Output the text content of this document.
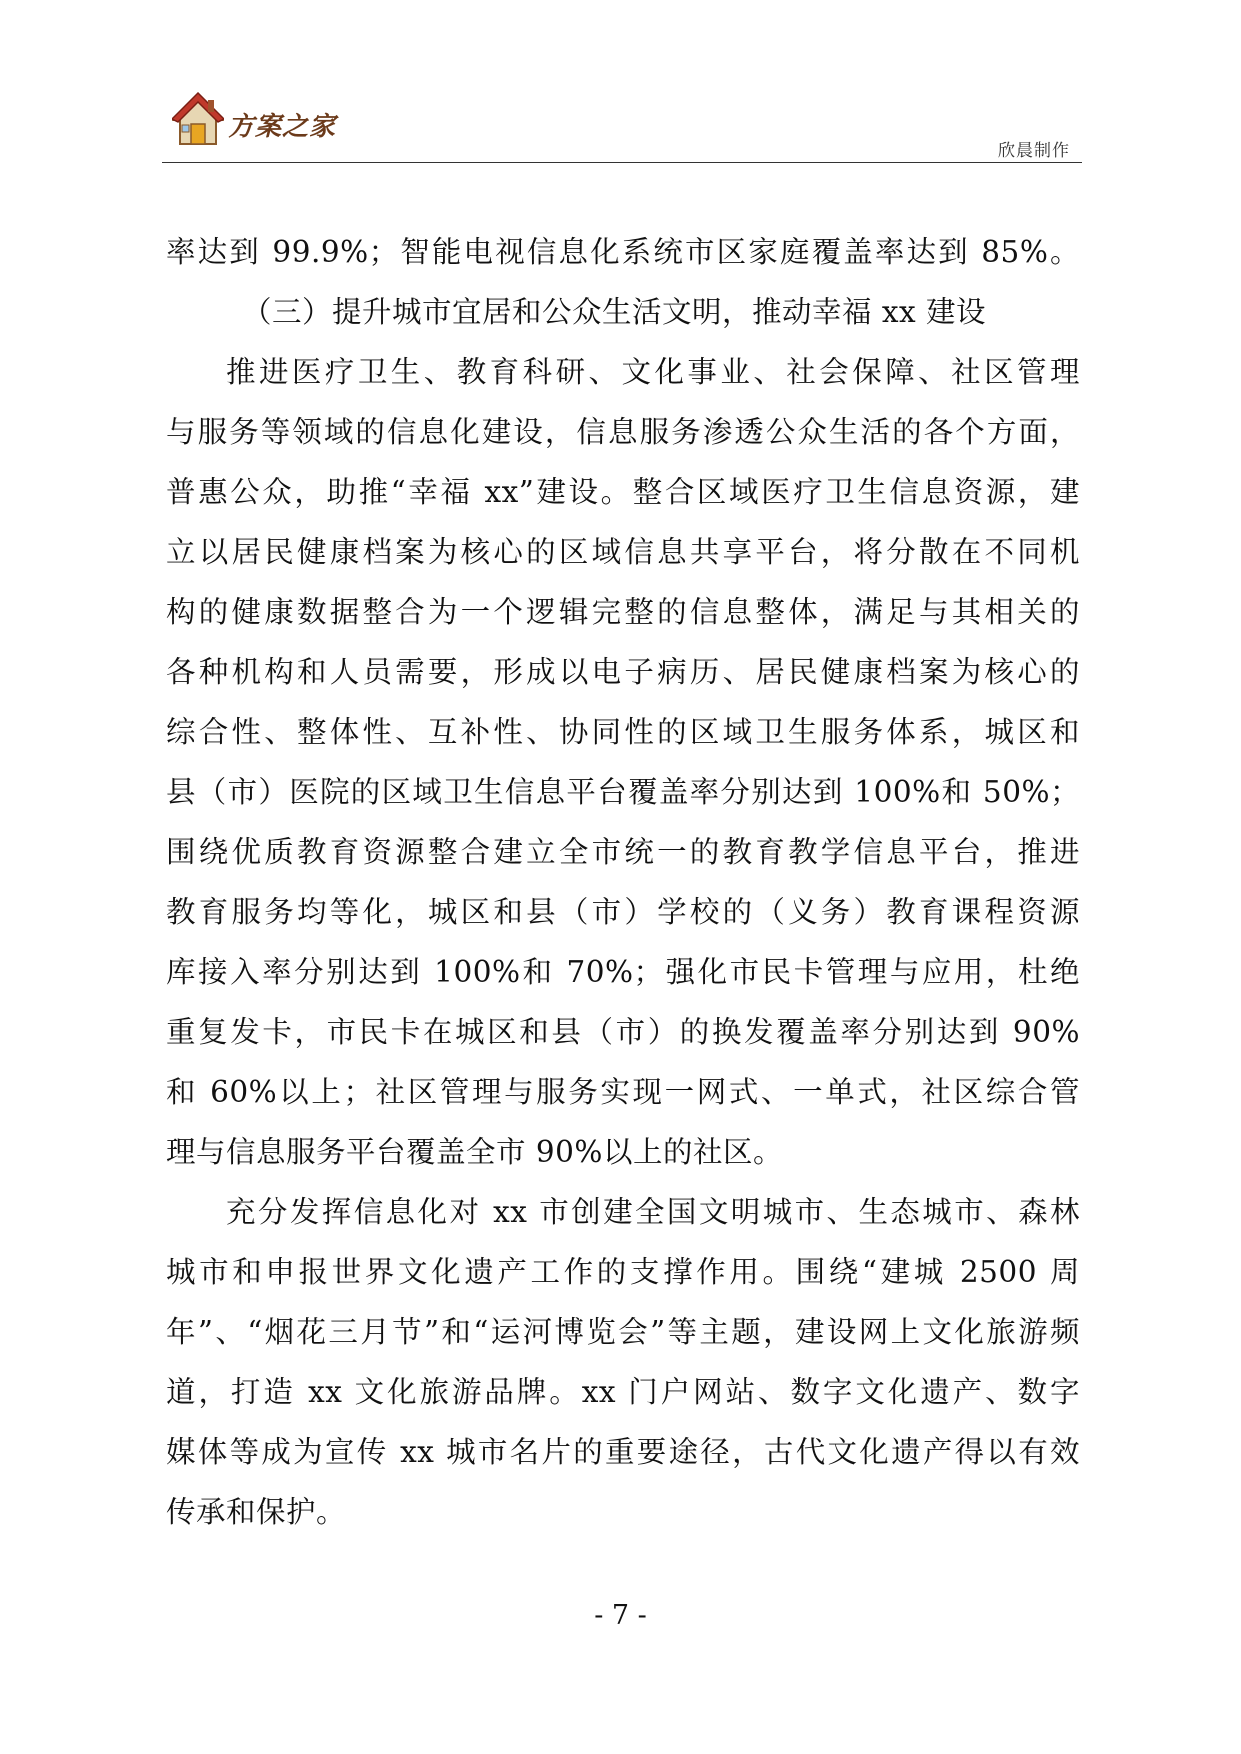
方案之家
欣晨制作
率达到 99.9%；智能电视信息化系统市区家庭覆盖率达到 85%。
（三）提升城市宜居和公众生活文明，推动幸福 xx 建设
推进医疗卫生、教育科研、文化事业、社会保障、社区管理
与服务等领域的信息化建设，信息服务渗透公众生活的各个方面，
普惠公众，助推“幸福 xx”建设。整合区域医疗卫生信息资源，建
立以居民健康档案为核心的区域信息共享平台，将分散在不同机
构的健康数据整合为一个逻辑完整的信息整体，满足与其相关的
各种机构和人员需要，形成以电子病历、居民健康档案为核心的
综合性、整体性、互补性、协同性的区域卫生服务体系，城区和
县（市）医院的区域卫生信息平台覆盖率分别达到 100%和 50%；
围绕优质教育资源整合建立全市统一的教育教学信息平台，推进
教育服务均等化，城区和县（市）学校的（义务）教育课程资源
库接入率分别达到 100%和 70%；强化市民卡管理与应用，杜绝
重复发卡，市民卡在城区和县（市）的换发覆盖率分别达到 90%
和 60%以上；社区管理与服务实现一网式、一单式，社区综合管
理与信息服务平台覆盖全市 90%以上的社区。
充分发挥信息化对 xx 市创建全国文明城市、生态城市、森林
城市和申报世界文化遗产工作的支撑作用。围绕“建城 2500 周
年”、“烟花三月节”和“运河博览会”等主题，建设网上文化旅游频
道，打造 xx 文化旅游品牌。xx 门户网站、数字文化遗产、数字
媒体等成为宣传 xx 城市名片的重要途径，古代文化遗产得以有效
传承和保护。
- 7 -
